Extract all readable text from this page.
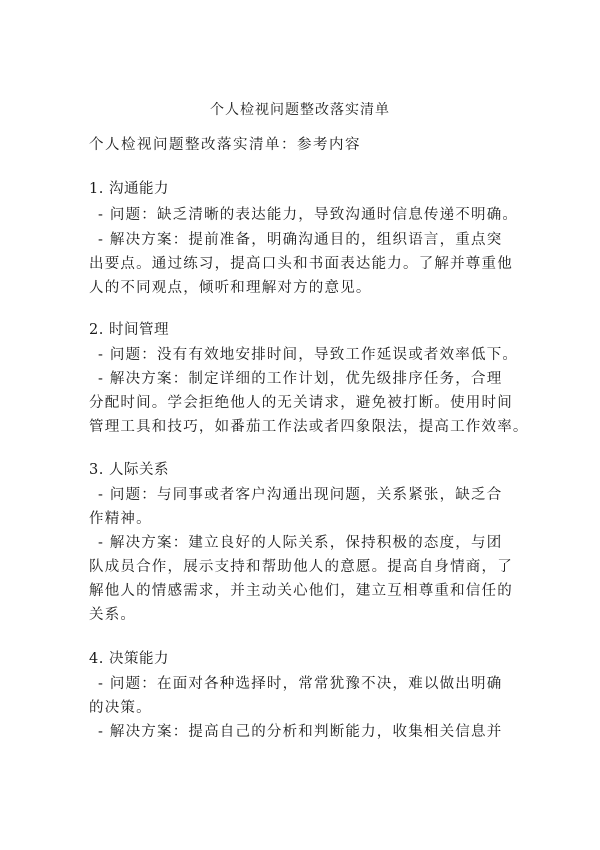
个人检视问题整改落实清单
个人检视问题整改落实清单：参考内容
1. 沟通能力
- 问题：缺乏清晰的表达能力，导致沟通时信息传递不明确。
- 解决方案：提前准备，明确沟通目的，组织语言，重点突
出要点。通过练习，提高口头和书面表达能力。了解并尊重他
人的不同观点，倾听和理解对方的意见。
2. 时间管理
- 问题：没有有效地安排时间，导致工作延误或者效率低下。
- 解决方案：制定详细的工作计划，优先级排序任务，合理
分配时间。学会拒绝他人的无关请求，避免被打断。使用时间
管理工具和技巧，如番茄工作法或者四象限法，提高工作效率。
3. 人际关系
- 问题：与同事或者客户沟通出现问题，关系紧张，缺乏合
作精神。
- 解决方案：建立良好的人际关系，保持积极的态度，与团
队成员合作，展示支持和帮助他人的意愿。提高自身情商，了
解他人的情感需求，并主动关心他们，建立互相尊重和信任的
关系。
4. 决策能力
- 问题：在面对各种选择时，常常犹豫不决，难以做出明确
的决策。
- 解决方案：提高自己的分析和判断能力，收集相关信息并
